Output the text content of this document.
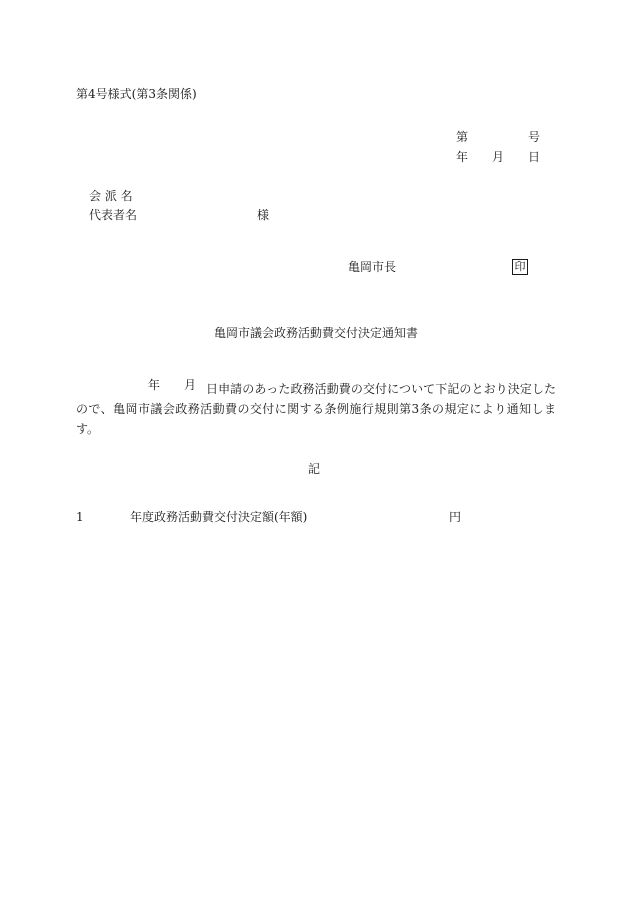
第4号様式(第3条関係)
第	号
年 月 日
会 派 名
代表者名	様
亀岡市長	印
亀岡市議会政務活動費交付決定通知書
年 月 日申請のあった政務活動費の交付について下記のとおり決定したので、亀岡市議会政務活動費の交付に関する条例施行規則第3条の規定により通知します。
記
1	年度政務活動費交付決定額(年額)	円
